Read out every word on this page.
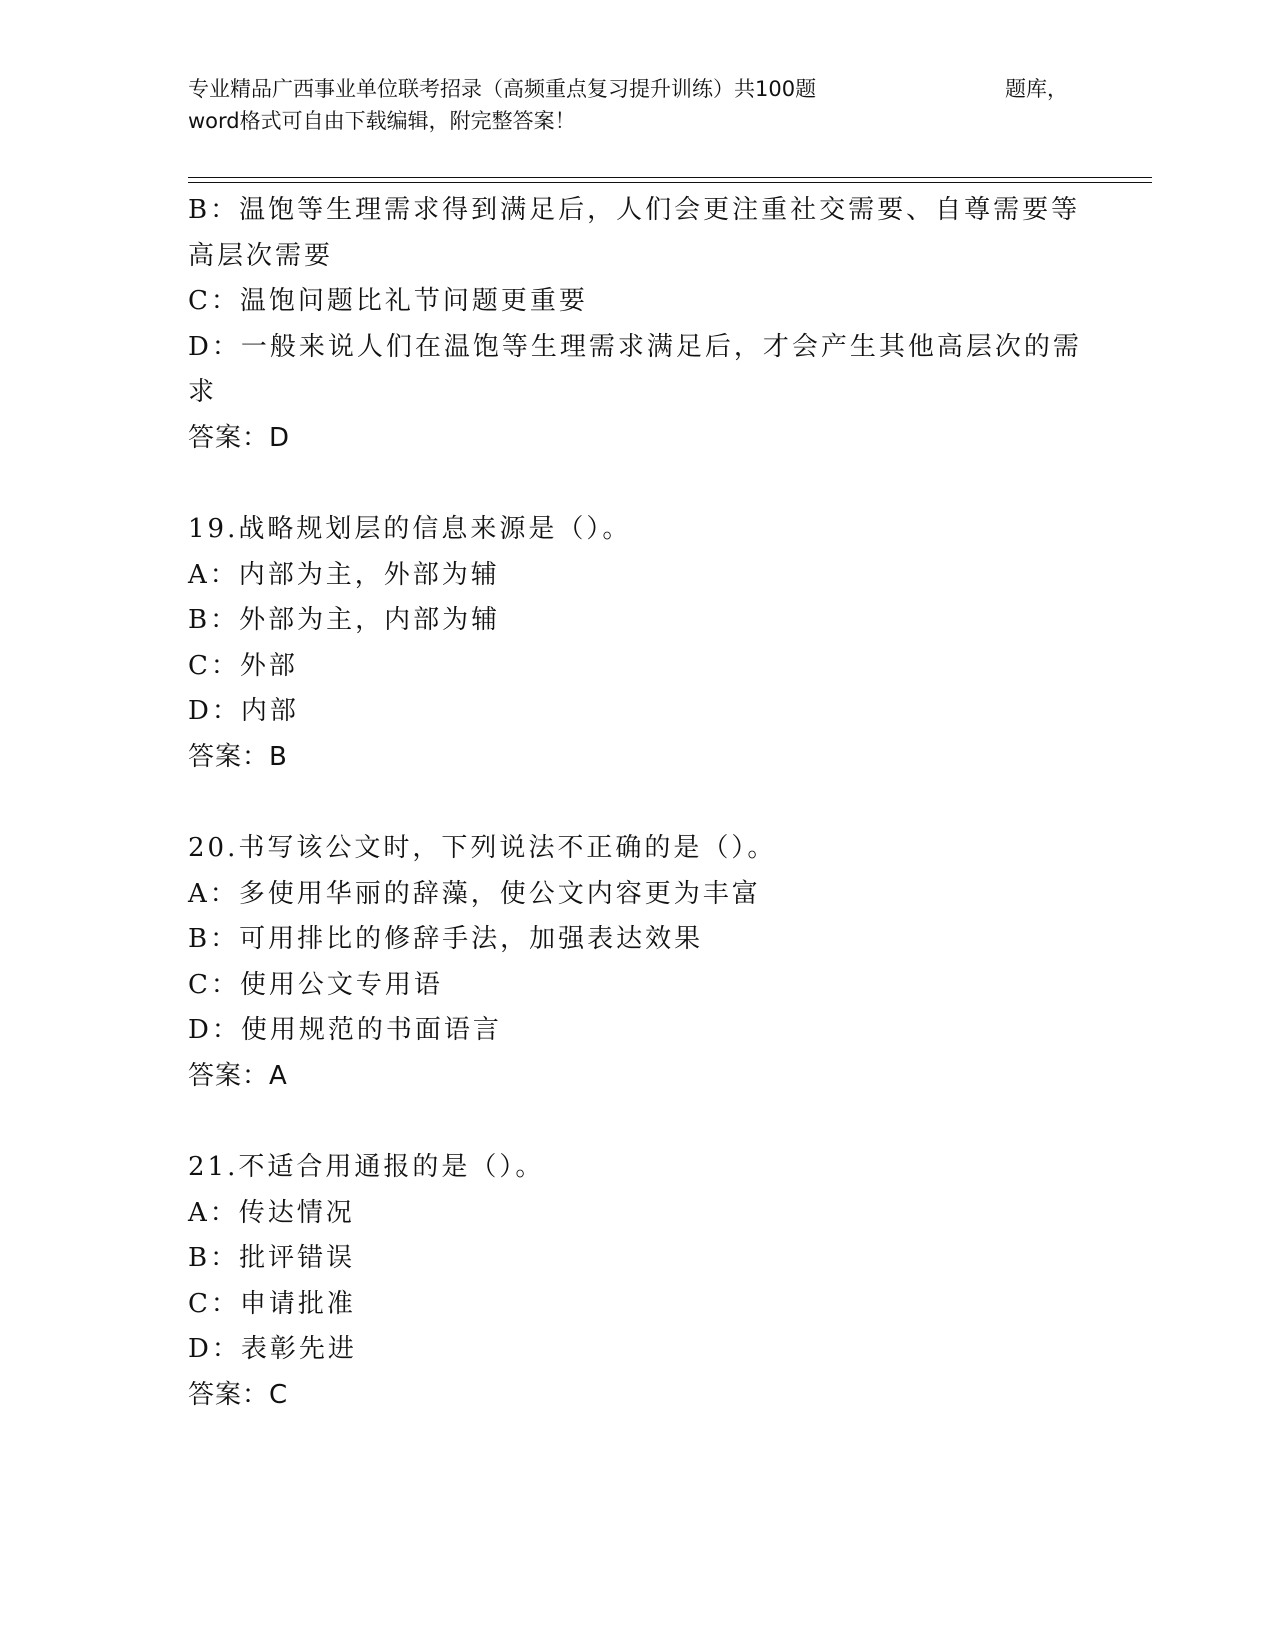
专业精品广西事业单位联考招录（高频重点复习提升训练）共100题	题库，
word格式可自由下载编辑，附完整答案！
B：温饱等生理需求得到满足后，人们会更注重社交需要、自尊需要等
高层次需要
C：温饱问题比礼节问题更重要
D：一般来说人们在温饱等生理需求满足后，才会产生其他高层次的需
求
答案：D
19.战略规划层的信息来源是（）。
A：内部为主，外部为辅
B：外部为主，内部为辅
C：外部
D：内部
答案：B
20.书写该公文时，下列说法不正确的是（）。
A：多使用华丽的辞藻，使公文内容更为丰富
B：可用排比的修辞手法，加强表达效果
C：使用公文专用语
D：使用规范的书面语言
答案：A
21.不适合用通报的是（）。
A：传达情况
B：批评错误
C：申请批准
D：表彰先进
答案：C
